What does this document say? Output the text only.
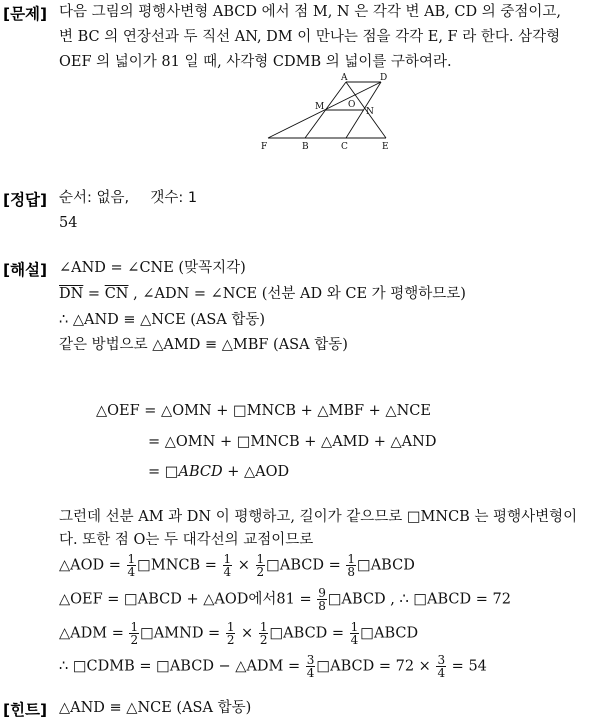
[문제] 다음 그림의 평행사변형 ABCD 에서 점 M, N 은 각각 변 AB, CD 의 중점이고,
변 BC 의 연장선과 두 직선 AN, DM 이 만나는 점을 각각 E, F 라 한다. 삼각형
OEF 의 넓이가 81 일 때, 사각형 CDMB 의 넓이를 구하여라.
A	D
M	O
N
F	B	C	E
[정답] 순서: 없음, 갯수: 1
54
[해설] ∠AND = ∠CNE (맞꼭지각)
$\overline{DN} = \overline{CN}$ , ∠ADN = ∠NCE (선분 AD 와 CE 가 평행하므로)
∴ △AND ≡ △NCE (ASA 합동)
같은 방법으로 △AMD ≡ △MBF (ASA 합동)
△OEF = △OMN + □MNCB + △MBF + △NCE
= △OMN + □MNCB + △AMD + △AND
= □ABCD + △AOD
그런데 선분 AM 과 DN 이 평행하고, 길이가 같으므로 □MNCB 는 평행사변형이
다. 또한 점 O는 두 대각선의 교점이므로
△AOD = $\frac{1}{4}$ □MNCB = $\frac{1}{4} \times \frac{1}{2}$ □ABCD = $\frac{1}{8}$ □ABCD
△OEF = □ABCD + △AOD에서$81 = \frac{9}{8}$ □ABCD , ∴ □ABCD = 72
△ADM = $\frac{1}{2}$ □AMND = $\frac{1}{2} \times \frac{1}{2}$ □ABCD = $\frac{1}{4}$ □ABCD
∴ □CDMB = □ABCD − △ADM = $\frac{3}{4}$ □ABCD = $72 \times \frac{3}{4} = 54$
[힌트] △AND ≡ △NCE (ASA 합동)
